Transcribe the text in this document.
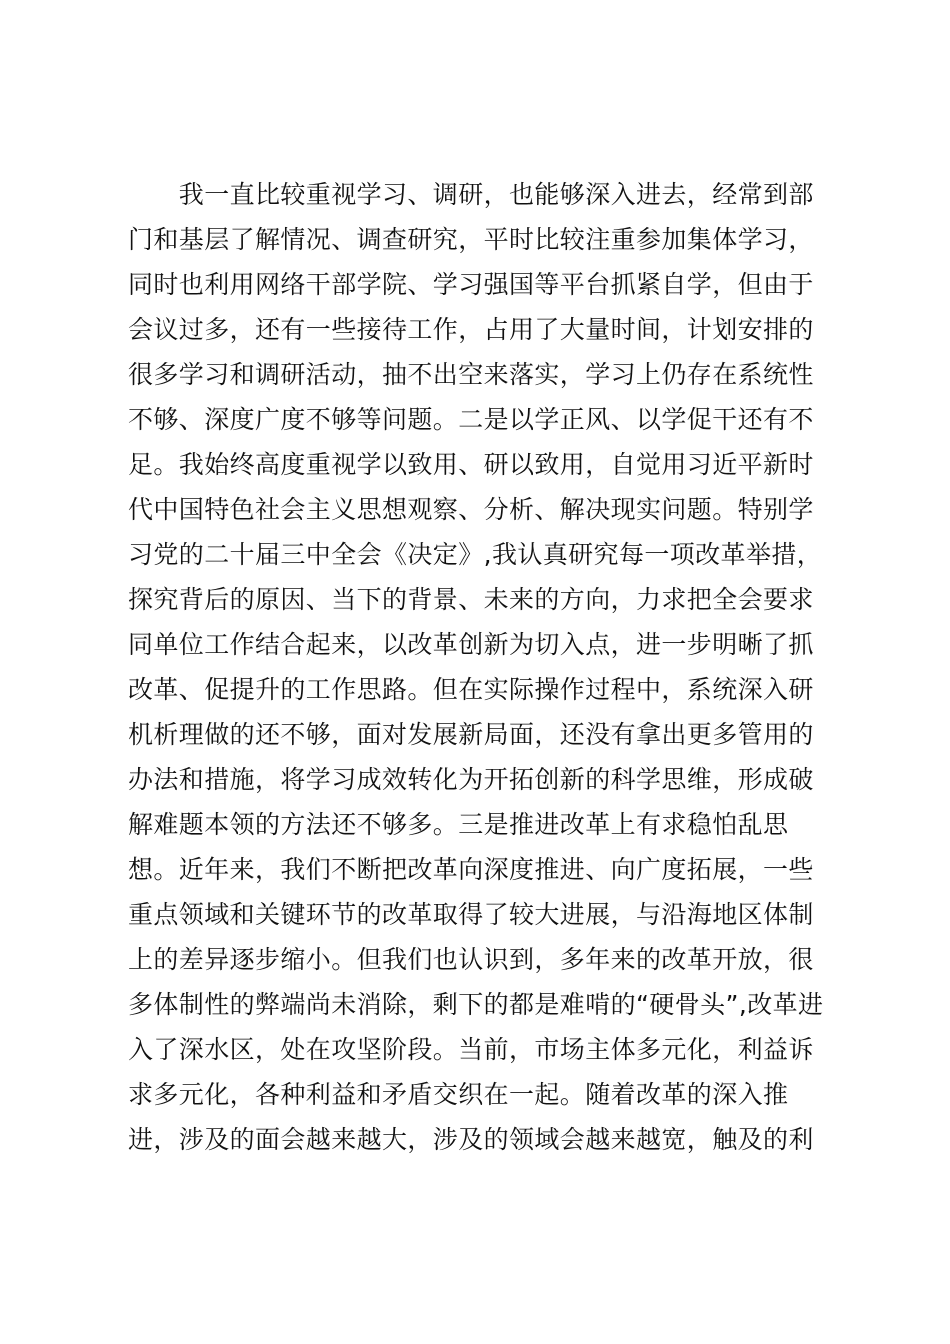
　　我一直比较重视学习、调研，也能够深入进去，经常到部
门和基层了解情况、调查研究，平时比较注重参加集体学习，
同时也利用网络干部学院、学习强国等平台抓紧自学，但由于
会议过多，还有一些接待工作，占用了大量时间，计划安排的
很多学习和调研活动，抽不出空来落实，学习上仍存在系统性
不够、深度广度不够等问题。二是以学正风、以学促干还有不
足。我始终高度重视学以致用、研以致用，自觉用习近平新时
代中国特色社会主义思想观察、分析、解决现实问题。特别学
习党的二十届三中全会《决定》,我认真研究每一项改革举措，
探究背后的原因、当下的背景、未来的方向，力求把全会要求
同单位工作结合起来，以改革创新为切入点，进一步明晰了抓
改革、促提升的工作思路。但在实际操作过程中，系统深入研
机析理做的还不够，面对发展新局面，还没有拿出更多管用的
办法和措施，将学习成效转化为开拓创新的科学思维，形成破
解难题本领的方法还不够多。三是推进改革上有求稳怕乱思
想。近年来，我们不断把改革向深度推进、向广度拓展，一些
重点领域和关键环节的改革取得了较大进展，与沿海地区体制
上的差异逐步缩小。但我们也认识到，多年来的改革开放，很
多体制性的弊端尚未消除，剩下的都是难啃的“硬骨头”,改革进
入了深水区，处在攻坚阶段。当前，市场主体多元化，利益诉
求多元化，各种利益和矛盾交织在一起。随着改革的深入推
进，涉及的面会越来越大，涉及的领域会越来越宽，触及的利
